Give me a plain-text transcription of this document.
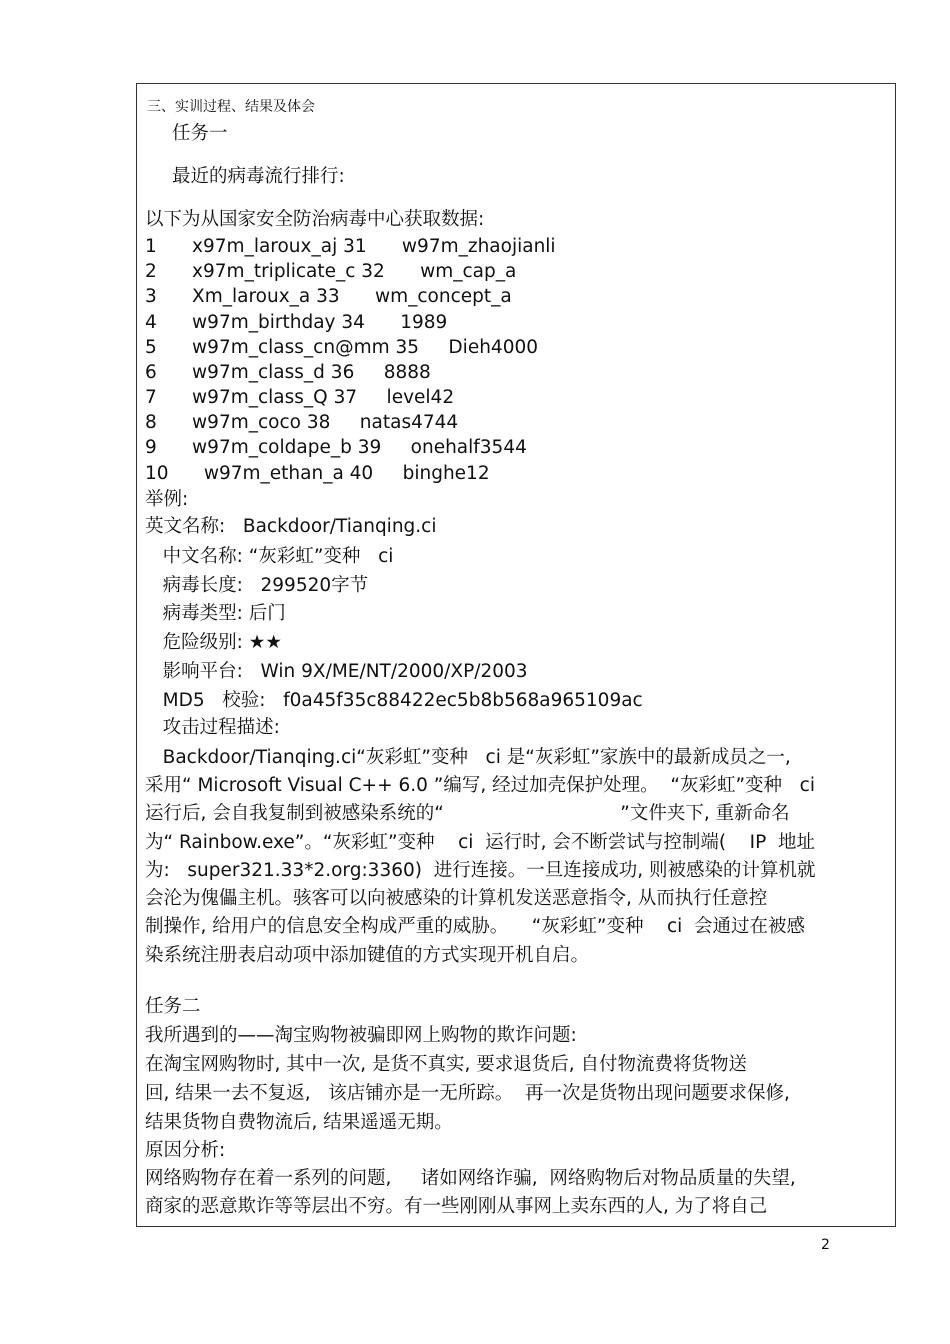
三、实训过程、结果及体会
任务一
最近的病毒流行排行:
以下为从国家安全防治病毒中心获取数据:
1      x97m_laroux_aj 31      w97m_zhaojianli
2      x97m_triplicate_c 32      wm_cap_a
3      Xm_laroux_a 33      wm_concept_a
4      w97m_birthday 34      1989
5      w97m_class_cn@mm 35     Dieh4000
6      w97m_class_d 36     8888
7      w97m_class_Q 37     level42
8      w97m_coco 38     natas4744
9      w97m_coldape_b 39     onehalf3544
10      w97m_ethan_a 40     binghe12
举例:
英文名称:   Backdoor/Tianqing.ci
中文名称: “灰彩虹”变种   ci
病毒长度:   299520字节
病毒类型: 后门
危险级别: ★★
影响平台:   Win 9X/ME/NT/2000/XP/2003
MD5   校验:   f0a45f35c88422ec5b8b568a965109ac
攻击过程描述:
Backdoor/Tianqing.ci“灰彩虹”变种   ci 是“灰彩虹”家族中的最新成员之一,
采用“ Microsoft Visual C++ 6.0 ”编写, 经过加壳保护处理。  “灰彩虹”变种   ci
运行后, 会自我复制到被感染系统的“                              ”文件夹下, 重新命名
为“ Rainbow.exe”。“灰彩虹”变种    ci  运行时, 会不断尝试与控制端(    IP  地址
为:   super321.33*2.org:3360)  进行连接。一旦连接成功, 则被感染的计算机就
会沦为傀儡主机。骇客可以向被感染的计算机发送恶意指令, 从而执行任意控
制操作, 给用户的信息安全构成严重的威胁。    “灰彩虹”变种    ci  会通过在被感
染系统注册表启动项中添加键值的方式实现开机自启。
任务二
我所遇到的——淘宝购物被骗即网上购物的欺诈问题:
在淘宝网购物时, 其中一次, 是货不真实, 要求退货后, 自付物流费将货物送
回, 结果一去不复返,   该店铺亦是一无所踪。  再一次是货物出现问题要求保修,
结果货物自费物流后, 结果遥遥无期。
原因分析:
网络购物存在着一系列的问题,     诸如网络诈骗,  网络购物后对物品质量的失望,
商家的恶意欺诈等等层出不穷。有一些刚刚从事网上卖东西的人, 为了将自己
2
